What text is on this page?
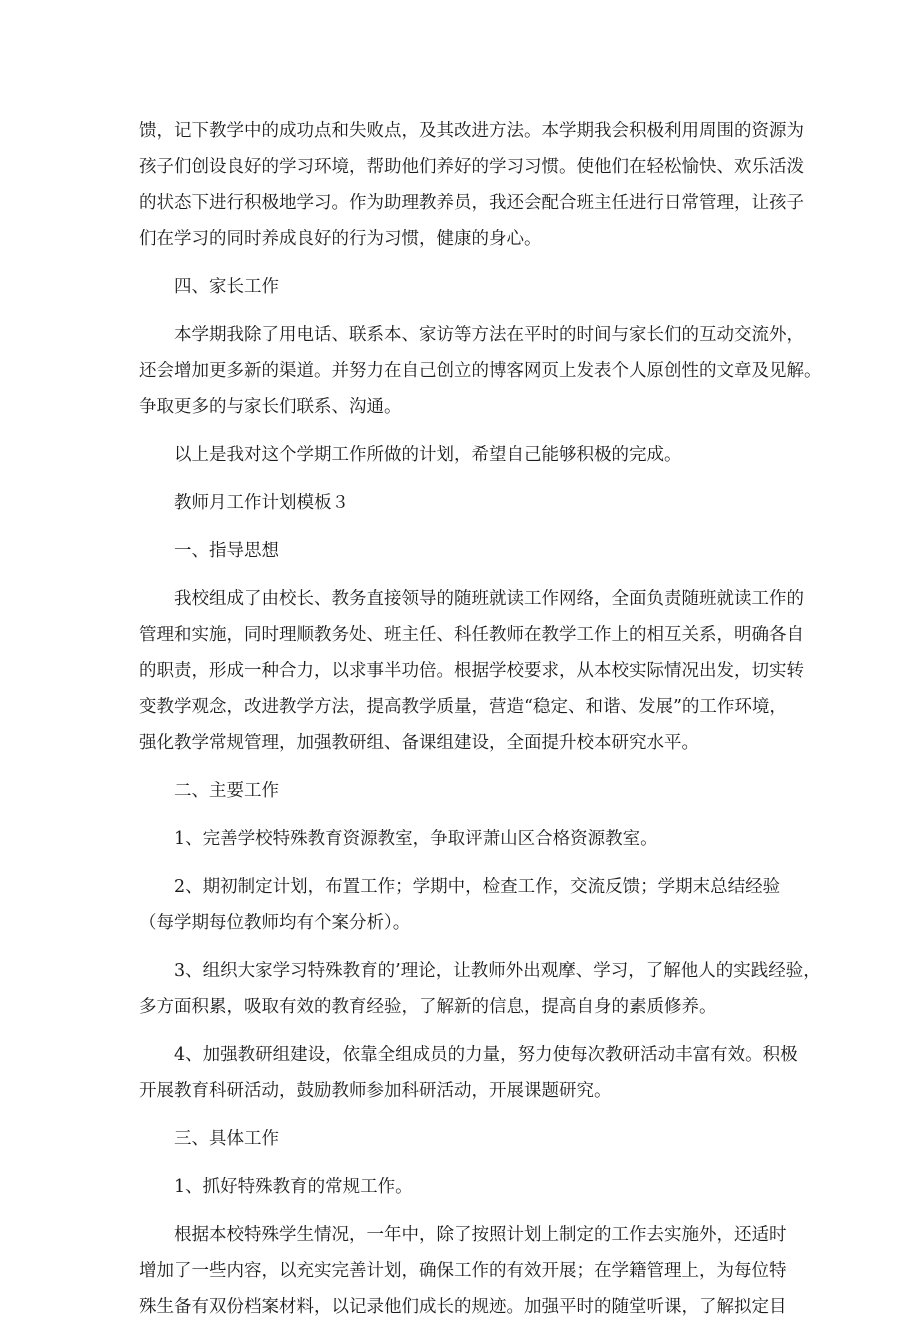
馈，记下教学中的成功点和失败点，及其改进方法。本学期我会积极利用周围的资源为
孩子们创设良好的学习环境，帮助他们养好的学习习惯。使他们在轻松愉快、欢乐活泼
的状态下进行积极地学习。作为助理教养员，我还会配合班主任进行日常管理，让孩子
们在学习的同时养成良好的行为习惯，健康的身心。

四、家长工作

本学期我除了用电话、联系本、家访等方法在平时的时间与家长们的互动交流外，
还会增加更多新的渠道。并努力在自己创立的博客网页上发表个人原创性的文章及见解。
争取更多的与家长们联系、沟通。

以上是我对这个学期工作所做的计划，希望自己能够积极的完成。

教师月工作计划模板３

一、指导思想

我校组成了由校长、教务直接领导的随班就读工作网络，全面负责随班就读工作的
管理和实施，同时理顺教务处、班主任、科任教师在教学工作上的相互关系，明确各自
的职责，形成一种合力，以求事半功倍。根据学校要求，从本校实际情况出发，切实转
变教学观念，改进教学方法，提高教学质量，营造“稳定、和谐、发展”的工作环境，
强化教学常规管理，加强教研组、备课组建设，全面提升校本研究水平。

二、主要工作

1、完善学校特殊教育资源教室，争取评萧山区合格资源教室。

2、期初制定计划，布置工作；学期中，检查工作，交流反馈；学期末总结经验
（每学期每位教师均有个案分析）。

3、组织大家学习特殊教育的’理论，让教师外出观摩、学习，了解他人的实践经验，
多方面积累，吸取有效的教育经验，了解新的信息，提高自身的素质修养。

4、加强教研组建设，依靠全组成员的力量，努力使每次教研活动丰富有效。积极
开展教育科研活动，鼓励教师参加科研活动，开展课题研究。

三、具体工作

1、抓好特殊教育的常规工作。

根据本校特殊学生情况，一年中，除了按照计划上制定的工作去实施外，还适时
增加了一些内容，以充实完善计划，确保工作的有效开展；在学籍管理上，为每位特
殊生备有双份档案材料，以记录他们成长的规迹。加强平时的随堂听课，了解拟定目
